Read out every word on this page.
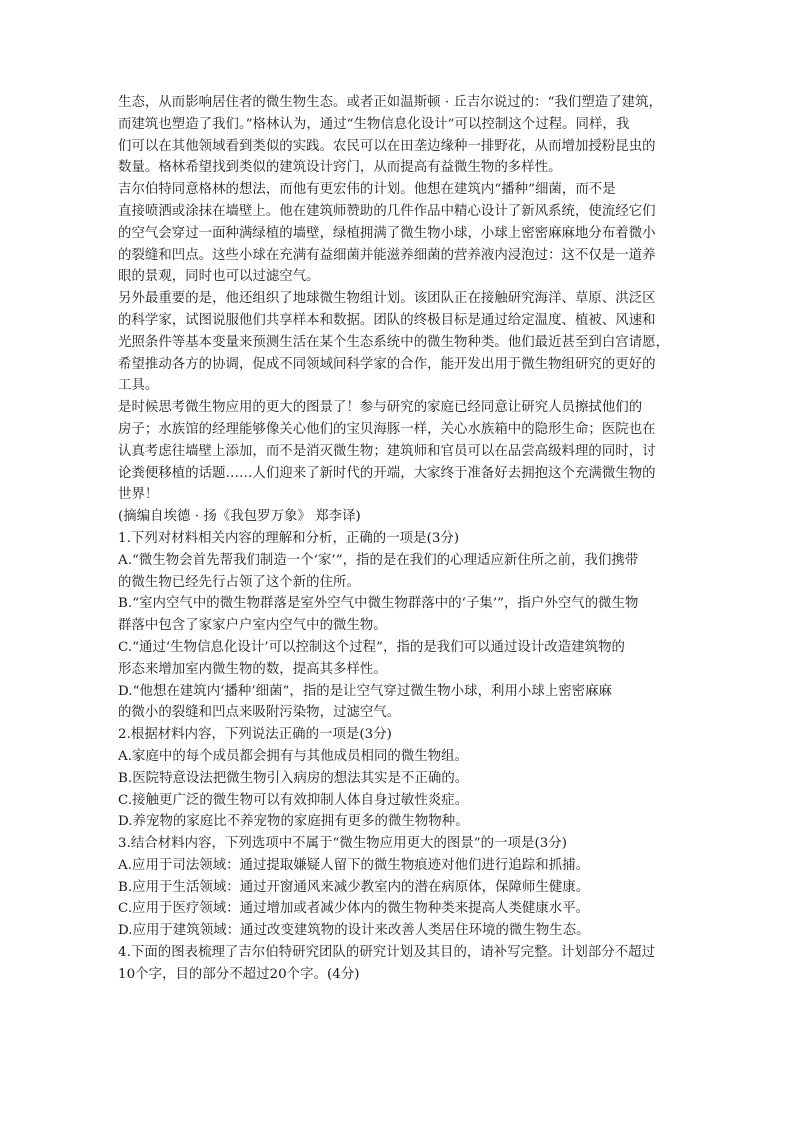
生态，从而影响居住者的微生物生态。或者正如温斯顿 · 丘吉尔说过的：“我们塑造了建筑，
而建筑也塑造了我们。”格林认为，通过“生物信息化设计”可以控制这个过程。同样，我
们可以在其他领域看到类似的实践。农民可以在田垄边缘种一排野花，从而增加授粉昆虫的
数量。格林希望找到类似的建筑设计窍门，从而提高有益微生物的多样性。
吉尔伯特同意格林的想法，而他有更宏伟的计划。他想在建筑内“播种”细菌，而不是
直接喷洒或涂抹在墙壁上。他在建筑师赞助的几件作品中精心设计了新风系统，使流经它们
的空气会穿过一面种满绿植的墙壁，绿植拥满了微生物小球，小球上密密麻麻地分布着微小
的裂缝和凹点。这些小球在充满有益细菌并能滋养细菌的营养液内浸泡过：这不仅是一道养
眼的景观，同时也可以过滤空气。
另外最重要的是，他还组织了地球微生物组计划。该团队正在接触研究海洋、草原、洪泛区
的科学家，试图说服他们共享样本和数据。团队的终极目标是通过给定温度、植被、风速和
光照条件等基本变量来预测生活在某个生态系统中的微生物种类。他们最近甚至到白宫请愿，
希望推动各方的协调，促成不同领域间科学家的合作，能开发出用于微生物组研究的更好的
工具。
是时候思考微生物应用的更大的图景了！参与研究的家庭已经同意让研究人员擦拭他们的
房子；水族馆的经理能够像关心他们的宝贝海豚一样，关心水族箱中的隐形生命；医院也在
认真考虑往墙壁上添加，而不是消灭微生物；建筑师和官员可以在品尝高级料理的同时，讨
论粪便移植的话题……人们迎来了新时代的开端，大家终于准备好去拥抱这个充满微生物的
世界！
(摘编自埃德 · 扬《我包罗万象》 郑李译)
1.下列对材料相关内容的理解和分析，正确的一项是(3分)
A.“微生物会首先帮我们制造一个‘家’”，指的是在我们的心理适应新住所之前，我们携带
的微生物已经先行占领了这个新的住所。
B.“室内空气中的微生物群落是室外空气中微生物群落中的‘子集’”，指户外空气的微生物
群落中包含了家家户户室内空气中的微生物。
C.“通过‘生物信息化设计’可以控制这个过程”，指的是我们可以通过设计改造建筑物的
形态来增加室内微生物的数，提高其多样性。
D.“他想在建筑内‘播种’细菌”，指的是让空气穿过微生物小球，利用小球上密密麻麻
的微小的裂缝和凹点来吸附污染物，过滤空气。
2.根据材料内容，下列说法正确的一项是(3分)
A.家庭中的每个成员都会拥有与其他成员相同的微生物组。
B.医院特意设法把微生物引入病房的想法其实是不正确的。
C.接触更广泛的微生物可以有效抑制人体自身过敏性炎症。
D.养宠物的家庭比不养宠物的家庭拥有更多的微生物物种。
3.结合材料内容，下列选项中不属于“微生物应用更大的图景”的一项是(3分)
A.应用于司法领域：通过提取嫌疑人留下的微生物痕迹对他们进行追踪和抓捕。
B.应用于生活领域：通过开窗通风来减少教室内的潜在病原体，保障师生健康。
C.应用于医疗领域：通过增加或者减少体内的微生物种类来提高人类健康水平。
D.应用于建筑领域：通过改变建筑物的设计来改善人类居住环境的微生物生态。
4.下面的图表梳理了吉尔伯特研究团队的研究计划及其目的，请补写完整。计划部分不超过
10个字，目的部分不超过20个字。(4分)
